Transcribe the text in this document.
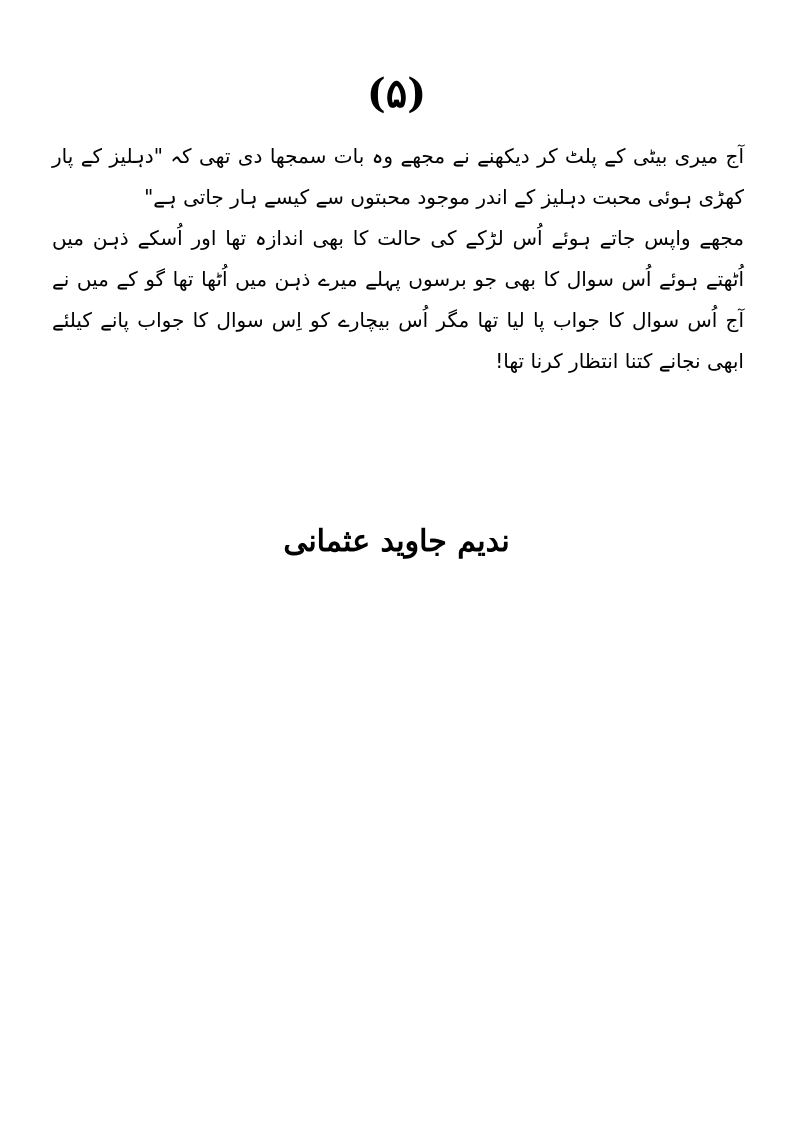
(۵)

آج میری بیٹی کے پلٹ کر دیکھنے نے مجھے وہ بات سمجھا دی تھی کہ "دہلیز کے پار کھڑی ہوئی محبت دہلیز کے اندر موجود محبتوں سے کیسے ہار جاتی ہے"

مجھے واپس جاتے ہوئے اُس لڑکے کی حالت کا بھی اندازہ تھا اور اُسکے ذہن میں اُٹھتے ہوئے اُس سوال کا بھی جو برسوں پہلے میرے ذہن میں اُٹھا تھا گو کے میں نے آج اُس سوال کا جواب پا لیا تھا مگر اُس بیچارے کو اِس سوال کا جواب پانے کیلئے ابھی نجانے کتنا انتظار کرنا تھا!

ندیم جاوید عثمانی
